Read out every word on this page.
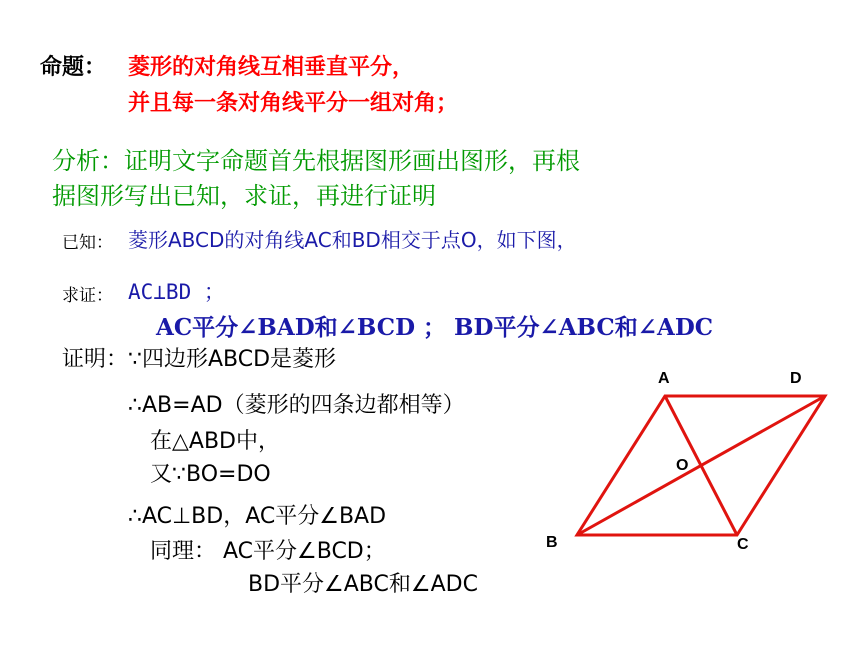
命题： 菱形的对角线互相垂直平分，
并且每一条对角线平分一组对角；
分析：证明文字命题首先根据图形画出图形，再根
据图形写出已知，求证，再进行证明
已知： 菱形ABCD的对角线AC和BD相交于点O，如下图，
求证： AC⊥BD ；
AC平分∠BAD和∠BCD ； BD平分∠ABC和∠ADC
证明：∵四边形ABCD是菱形
∴AB=AD（菱形的四条边都相等）
在△ABD中，
又∵BO=DO
∴AC⊥BD，AC平分∠BAD
同理： AC平分∠BCD；
BD平分∠ABC和∠ADC
A	D
O
B	C
